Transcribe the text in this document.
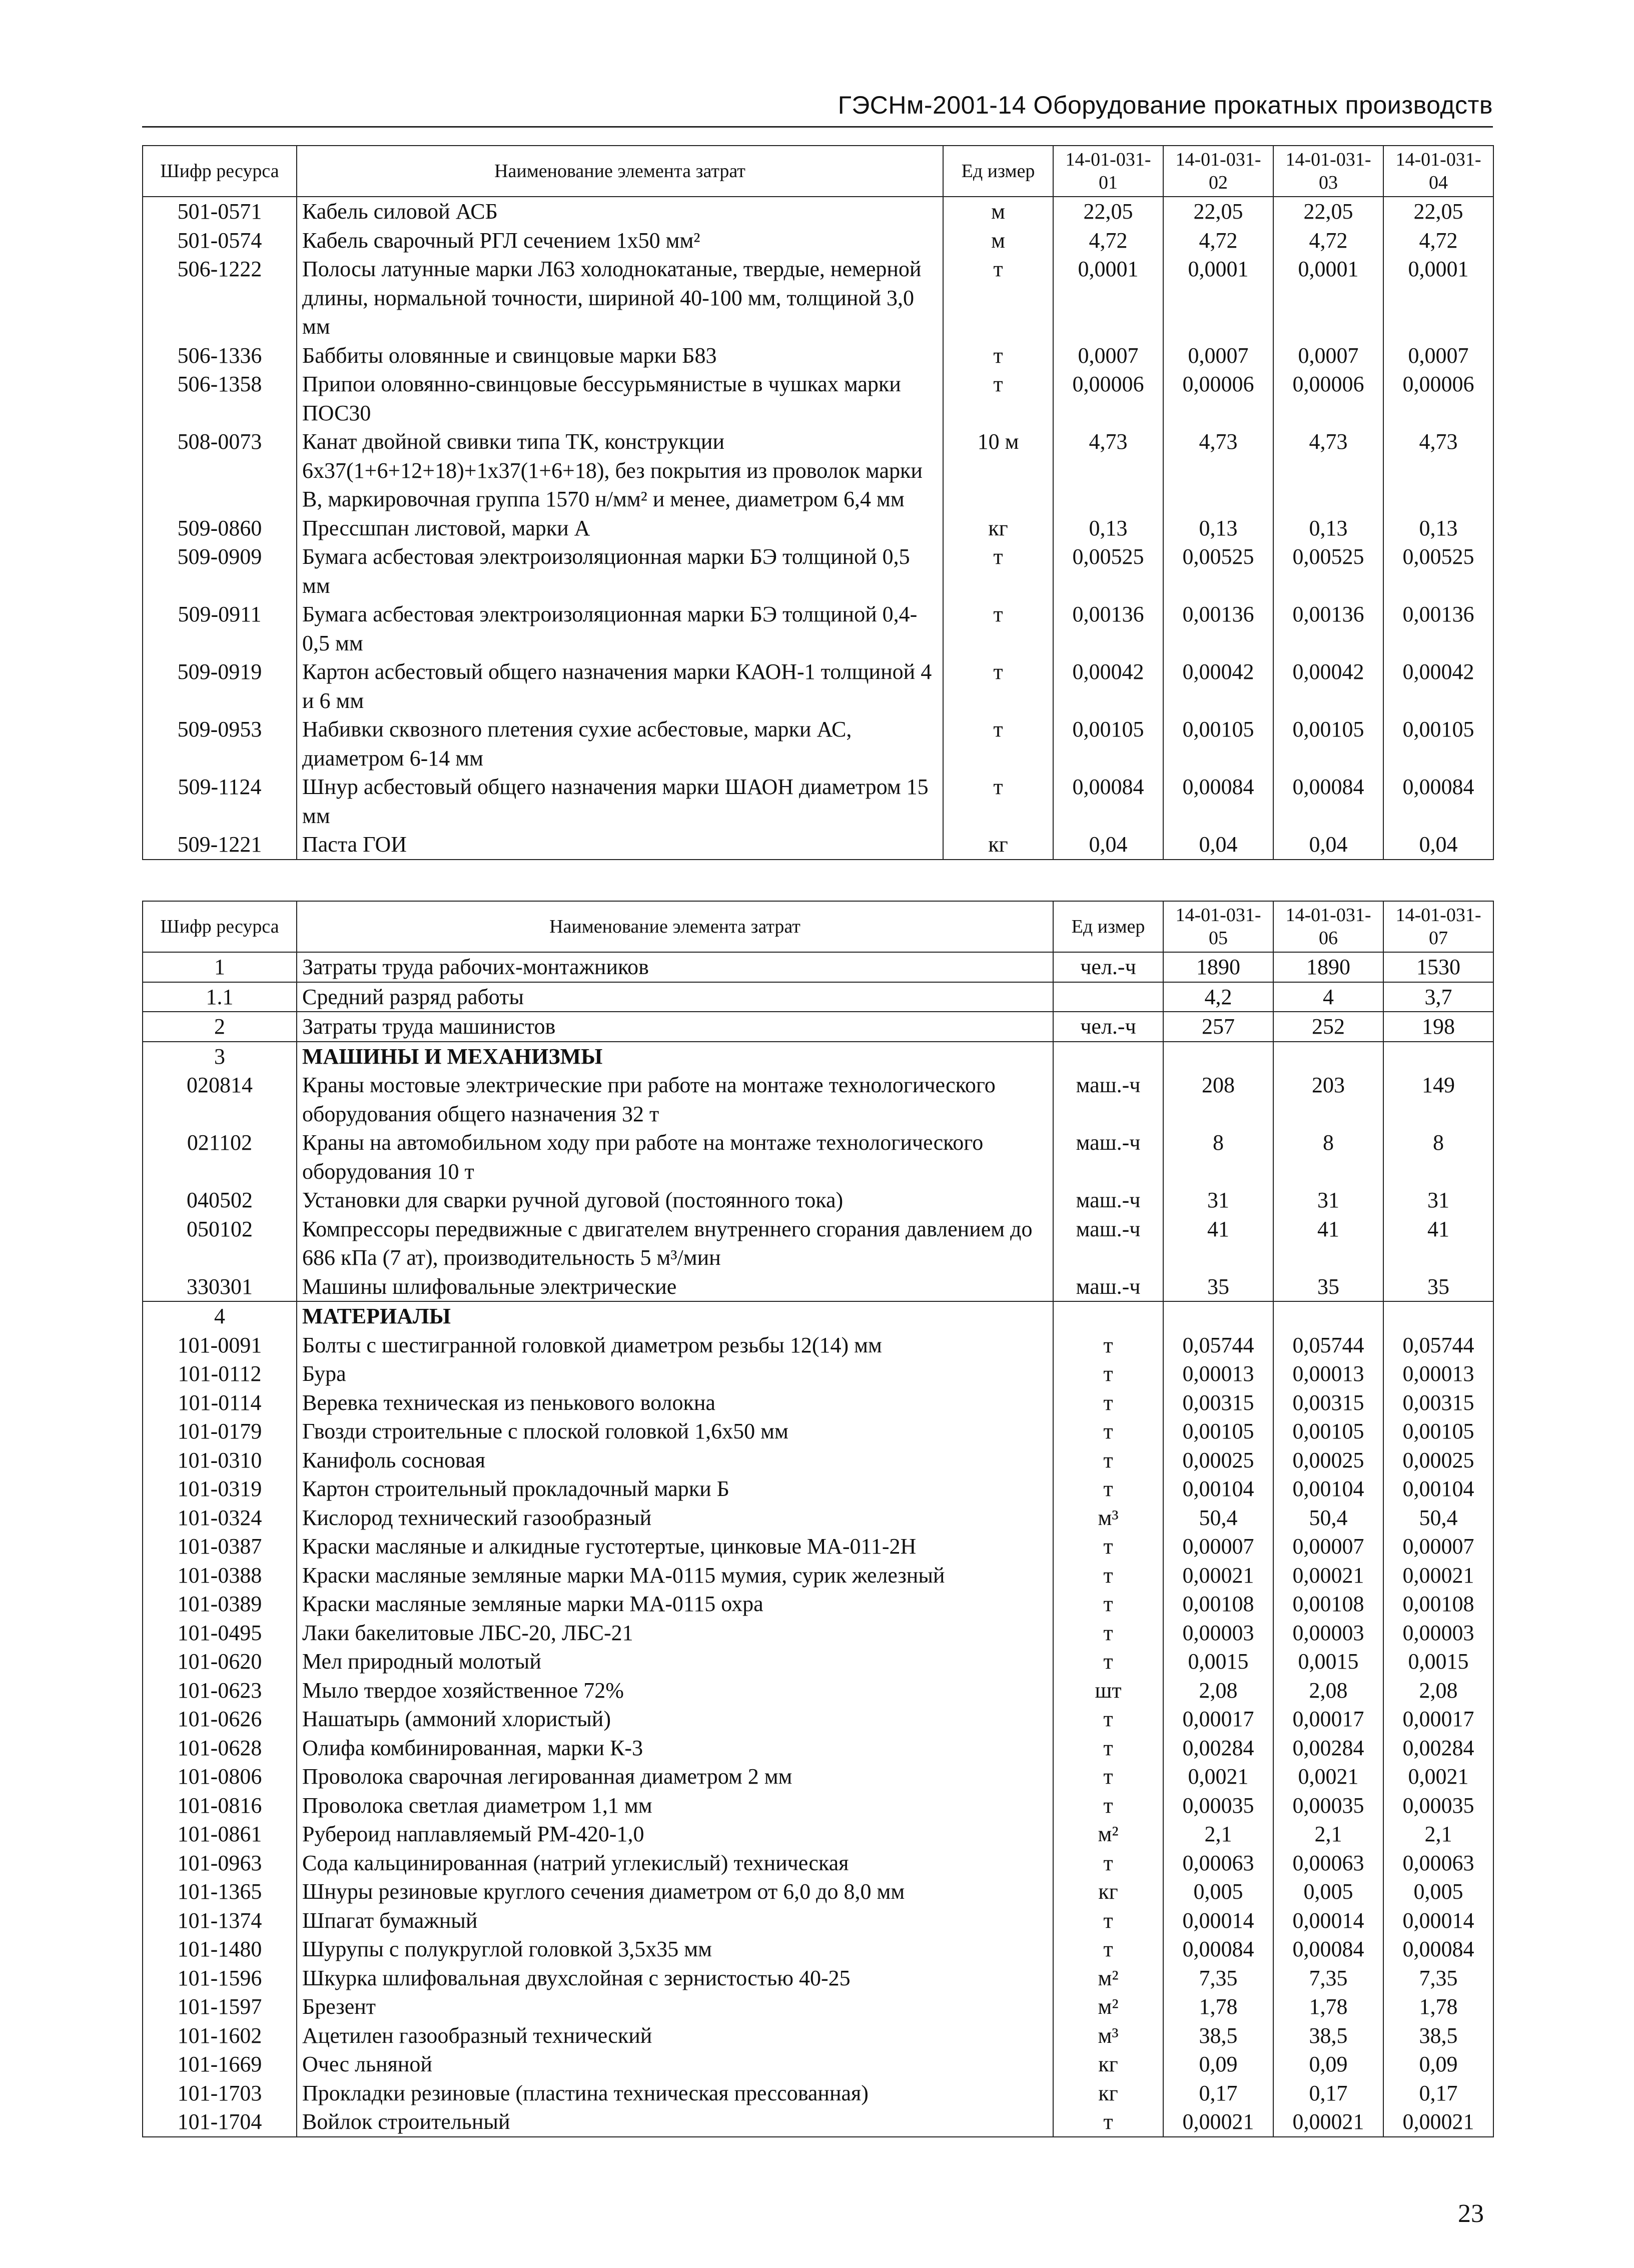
ГЭСНм-2001-14 Оборудование прокатных производств
Шифр ресурса	Наименование элемента затрат	Ед измер	14-01-031-01	14-01-031-02	14-01-031-03	14-01-031-04
501-0571	Кабель силовой АСБ	м	22,05	22,05	22,05	22,05
501-0574	Кабель сварочный РГЛ сечением 1х50 мм²	м	4,72	4,72	4,72	4,72
506-1222	Полосы латунные марки Л63 холоднокатаные, твердые, немерной длины, нормальной точности, шириной 40-100 мм, толщиной 3,0 мм	т	0,0001	0,0001	0,0001	0,0001
506-1336	Баббиты оловянные и свинцовые марки Б83	т	0,0007	0,0007	0,0007	0,0007
506-1358	Припои оловянно-свинцовые бессурьмянистые в чушках марки ПОС30	т	0,00006	0,00006	0,00006	0,00006
508-0073	Канат двойной свивки типа ТК, конструкции 6х37(1+6+12+18)+1х37(1+6+18), без покрытия из проволок марки В, маркировочная группа 1570 н/мм² и менее, диаметром 6,4 мм	10 м	4,73	4,73	4,73	4,73
509-0860	Прессшпан листовой, марки А	кг	0,13	0,13	0,13	0,13
509-0909	Бумага асбестовая электроизоляционная марки БЭ толщиной 0,5 мм	т	0,00525	0,00525	0,00525	0,00525
509-0911	Бумага асбестовая электроизоляционная марки БЭ толщиной 0,4-0,5 мм	т	0,00136	0,00136	0,00136	0,00136
509-0919	Картон асбестовый общего назначения марки КАОН-1 толщиной 4 и 6 мм	т	0,00042	0,00042	0,00042	0,00042
509-0953	Набивки сквозного плетения сухие асбестовые, марки АС, диаметром 6-14 мм	т	0,00105	0,00105	0,00105	0,00105
509-1124	Шнур асбестовый общего назначения марки ШАОН диаметром 15 мм	т	0,00084	0,00084	0,00084	0,00084
509-1221	Паста ГОИ	кг	0,04	0,04	0,04	0,04
Шифр ресурса	Наименование элемента затрат	Ед измер	14-01-031-05	14-01-031-06	14-01-031-07
1	Затраты труда рабочих-монтажников	чел.-ч	1890	1890	1530
1.1	Средний разряд работы		4,2	4	3,7
2	Затраты труда машинистов	чел.-ч	257	252	198
3	МАШИНЫ И МЕХАНИЗМЫ				
020814	Краны мостовые электрические при работе на монтаже технологического оборудования общего назначения 32 т	маш.-ч	208	203	149
021102	Краны на автомобильном ходу при работе на монтаже технологического оборудования 10 т	маш.-ч	8	8	8
040502	Установки для сварки ручной дуговой (постоянного тока)	маш.-ч	31	31	31
050102	Компрессоры передвижные с двигателем внутреннего сгорания давлением до 686 кПа (7 ат), производительность 5 м³/мин	маш.-ч	41	41	41
330301	Машины шлифовальные электрические	маш.-ч	35	35	35
4	МАТЕРИАЛЫ				
101-0091	Болты с шестигранной головкой диаметром резьбы 12(14) мм	т	0,05744	0,05744	0,05744
101-0112	Бура	т	0,00013	0,00013	0,00013
101-0114	Веревка техническая из пенькового волокна	т	0,00315	0,00315	0,00315
101-0179	Гвозди строительные с плоской головкой 1,6х50 мм	т	0,00105	0,00105	0,00105
101-0310	Канифоль сосновая	т	0,00025	0,00025	0,00025
101-0319	Картон строительный прокладочный марки Б	т	0,00104	0,00104	0,00104
101-0324	Кислород технический газообразный	м³	50,4	50,4	50,4
101-0387	Краски масляные и алкидные густотертые, цинковые МА-011-2Н	т	0,00007	0,00007	0,00007
101-0388	Краски масляные земляные марки МА-0115 мумия, сурик железный	т	0,00021	0,00021	0,00021
101-0389	Краски масляные земляные марки МА-0115 охра	т	0,00108	0,00108	0,00108
101-0495	Лаки бакелитовые ЛБС-20, ЛБС-21	т	0,00003	0,00003	0,00003
101-0620	Мел природный молотый	т	0,0015	0,0015	0,0015
101-0623	Мыло твердое хозяйственное 72%	шт	2,08	2,08	2,08
101-0626	Нашатырь (аммоний хлористый)	т	0,00017	0,00017	0,00017
101-0628	Олифа комбинированная, марки К-3	т	0,00284	0,00284	0,00284
101-0806	Проволока сварочная легированная диаметром 2 мм	т	0,0021	0,0021	0,0021
101-0816	Проволока светлая диаметром 1,1 мм	т	0,00035	0,00035	0,00035
101-0861	Рубероид наплавляемый РМ-420-1,0	м²	2,1	2,1	2,1
101-0963	Сода кальцинированная (натрий углекислый) техническая	т	0,00063	0,00063	0,00063
101-1365	Шнуры резиновые круглого сечения диаметром от 6,0 до 8,0 мм	кг	0,005	0,005	0,005
101-1374	Шпагат бумажный	т	0,00014	0,00014	0,00014
101-1480	Шурупы с полукруглой головкой 3,5х35 мм	т	0,00084	0,00084	0,00084
101-1596	Шкурка шлифовальная двухслойная с зернистостью 40-25	м²	7,35	7,35	7,35
101-1597	Брезент	м²	1,78	1,78	1,78
101-1602	Ацетилен газообразный технический	м³	38,5	38,5	38,5
101-1669	Очес льняной	кг	0,09	0,09	0,09
101-1703	Прокладки резиновые (пластина техническая прессованная)	кг	0,17	0,17	0,17
101-1704	Войлок строительный	т	0,00021	0,00021	0,00021
23
